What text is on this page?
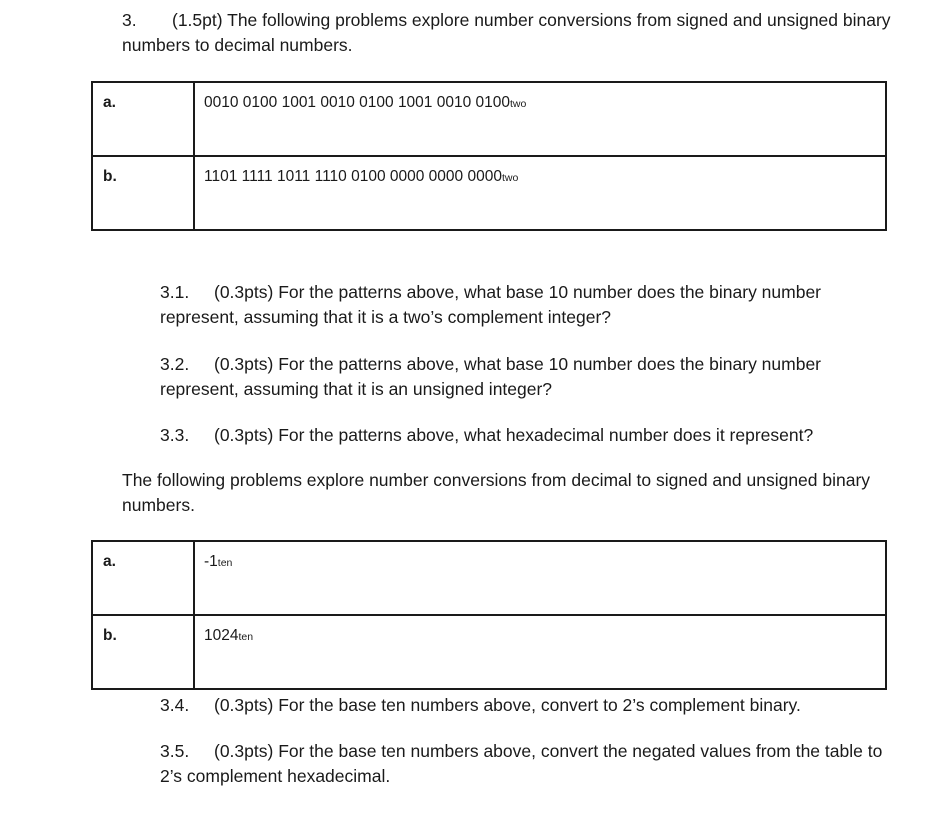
3. (1.5pt) The following problems explore number conversions from signed and unsigned binary numbers to decimal numbers.
a.	0010 0100 1001 0010 0100 1001 0010 0100two
b.	1101 1111 1011 1110 0100 0000 0000 0000two
3.1. (0.3pts) For the patterns above, what base 10 number does the binary number represent, assuming that it is a two’s complement integer?
3.2. (0.3pts) For the patterns above, what base 10 number does the binary number represent, assuming that it is an unsigned integer?
3.3. (0.3pts) For the patterns above, what hexadecimal number does it represent?
The following problems explore number conversions from decimal to signed and unsigned binary numbers.
a.	-1ten
b.	1024ten
3.4. (0.3pts) For the base ten numbers above, convert to 2’s complement binary.
3.5. (0.3pts) For the base ten numbers above, convert the negated values from the table to 2’s complement hexadecimal.
